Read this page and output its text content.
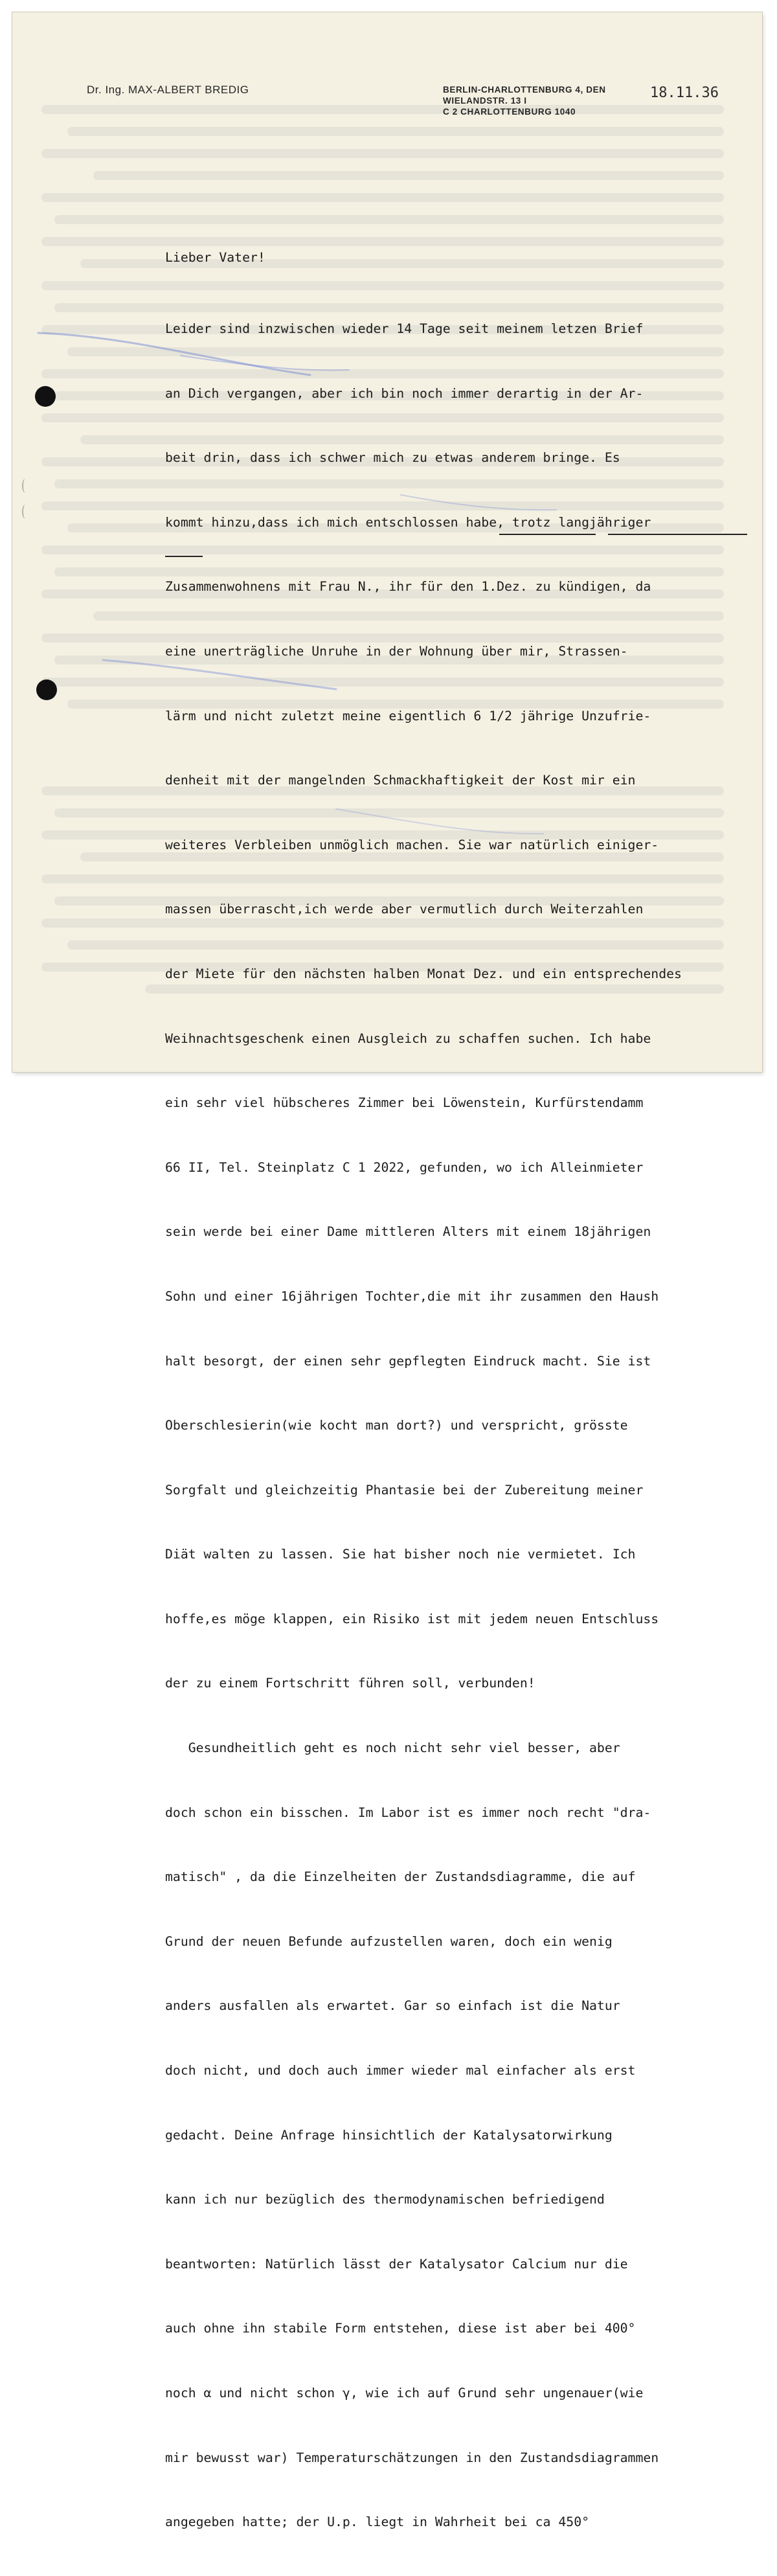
Dr. Ing. MAX-ALBERT BREDIG	BERLIN-CHARLOTTENBURG 4, DEN
WIELANDSTR. 13 I
C 2 CHARLOTTENBURG 1040
18.11.36

Lieber Vater!

Leider sind inzwischen wieder 14 Tage seit meinem letzen Brief

an Dich vergangen, aber ich bin noch immer derartig in der Ar-

beit drin, dass ich schwer mich zu etwas anderem bringe. Es

kommt hinzu,dass ich mich entschlossen habe, trotz langjähriger

Zusammenwohnens mit Frau N., ihr für den 1.Dez. zu kündigen, da

eine unerträgliche Unruhe in der Wohnung über mir, Strassen-

lärm und nicht zuletzt meine eigentlich 6 1/2 jährige Unzufrie-

denheit mit der mangelnden Schmackhaftigkeit der Kost mir ein

weiteres Verbleiben unmöglich machen. Sie war natürlich einiger-

massen überrascht,ich werde aber vermutlich durch Weiterzahlen

der Miete für den nächsten halben Monat Dez. und ein entsprechendes

Weihnachtsgeschenk einen Ausgleich zu schaffen suchen. Ich habe

ein sehr viel hübscheres Zimmer bei Löwenstein, Kurfürstendamm

66 II, Tel. Steinplatz C 1 2022, gefunden, wo ich Alleinmieter

sein werde bei einer Dame mittleren Alters mit einem 18jährigen

Sohn und einer 16jährigen Tochter,die mit ihr zusammen den Haush

halt besorgt, der einen sehr gepflegten Eindruck macht. Sie ist

Oberschlesierin(wie kocht man dort?) und verspricht, grösste

Sorgfalt und gleichzeitig Phantasie bei der Zubereitung meiner

Diät walten zu lassen. Sie hat bisher noch nie vermietet. Ich

hoffe,es möge klappen, ein Risiko ist mit jedem neuen Entschluss

der zu einem Fortschritt führen soll, verbunden!

Gesundheitlich geht es noch nicht sehr viel besser, aber

doch schon ein bisschen. Im Labor ist es immer noch recht "dra-

matisch" , da die Einzelheiten der Zustandsdiagramme, die auf

Grund der neuen Befunde aufzustellen waren, doch ein wenig

anders ausfallen als erwartet. Gar so einfach ist die Natur

doch nicht, und doch auch immer wieder mal einfacher als erst

gedacht. Deine Anfrage hinsichtlich der Katalysatorwirkung

kann ich nur bezüglich des thermodynamischen befriedigend

beantworten: Natürlich lässt der Katalysator Calcium nur die

auch ohne ihn stabile Form entstehen, diese ist aber bei 400°

noch α und nicht schon γ, wie ich auf Grund sehr ungenauer(wie

mir bewusst war) Temperaturschätzungen in den Zustandsdiagrammen

angegeben hatte; der U.p. liegt in Wahrheit bei ca 450°
